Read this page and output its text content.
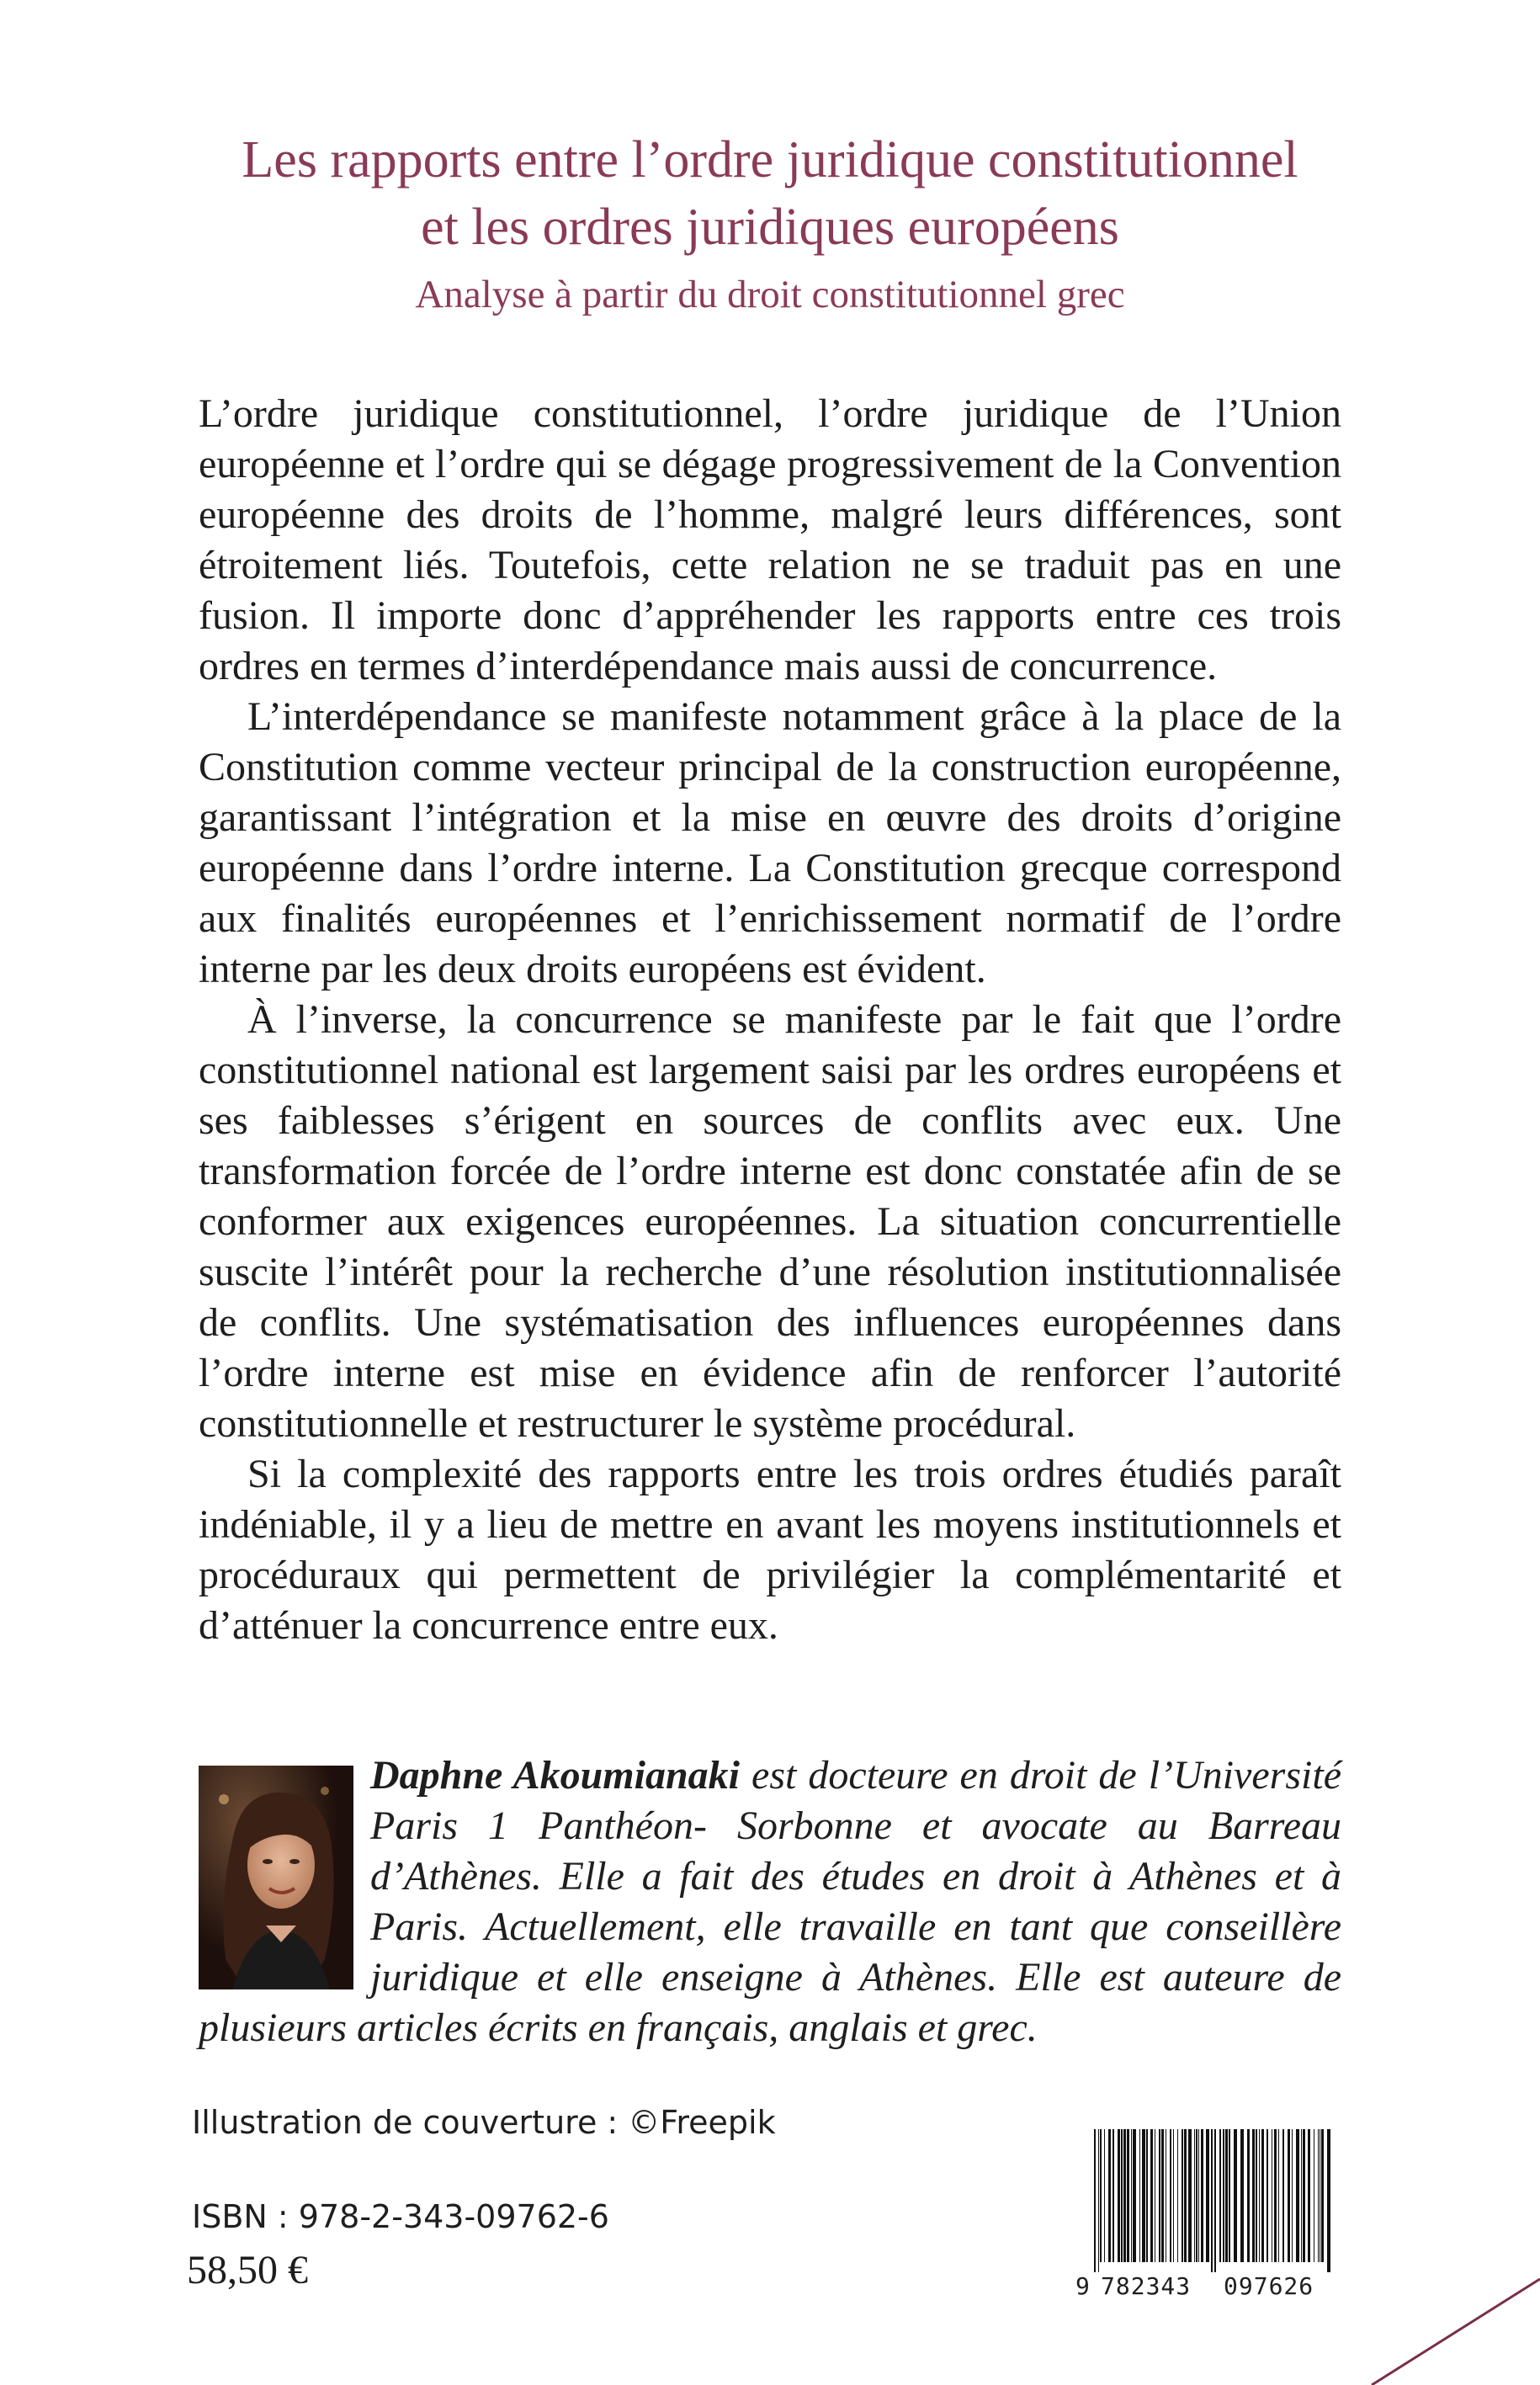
Les rapports entre l’ordre juridique constitutionnel
et les ordres juridiques européens
Analyse à partir du droit constitutionnel grec

L’ordre juridique constitutionnel, l’ordre juridique de l’Union européenne et l’ordre qui se dégage progressivement de la Convention européenne des droits de l’homme, malgré leurs différences, sont étroitement liés. Toutefois, cette relation ne se traduit pas en une fusion. Il importe donc d’appréhender les rapports entre ces trois ordres en termes d’interdépendance mais aussi de concurrence.

L’interdépendance se manifeste notamment grâce à la place de la Constitution comme vecteur principal de la construction européenne, garantissant l’intégration et la mise en œuvre des droits d’origine européenne dans l’ordre interne. La Constitution grecque correspond aux finalités européennes et l’enrichissement normatif de l’ordre interne par les deux droits européens est évident.

À l’inverse, la concurrence se manifeste par le fait que l’ordre constitutionnel national est largement saisi par les ordres européens et ses faiblesses s’érigent en sources de conflits avec eux. Une transformation forcée de l’ordre interne est donc constatée afin de se conformer aux exigences européennes. La situation concurrentielle suscite l’intérêt pour la recherche d’une résolution institutionnalisée de conflits. Une systématisation des influences européennes dans l’ordre interne est mise en évidence afin de renforcer l’autorité constitutionnelle et restructurer le système procédural.

Si la complexité des rapports entre les trois ordres étudiés paraît indéniable, il y a lieu de mettre en avant les moyens institutionnels et procéduraux qui permettent de privilégier la complémentarité et d’atténuer la concurrence entre eux.

Daphne Akoumianaki est docteure en droit de l’Université Paris 1 Panthéon- Sorbonne et avocate au Barreau d’Athènes. Elle a fait des études en droit à Athènes et à Paris. Actuellement, elle travaille en tant que conseillère juridique et elle enseigne à Athènes. Elle est auteure de plusieurs articles écrits en français, anglais et grec.
Illustration de couverture : ©Freepik
ISBN : 978-2-343-09762-6
58,50 €	9 782343 097626
